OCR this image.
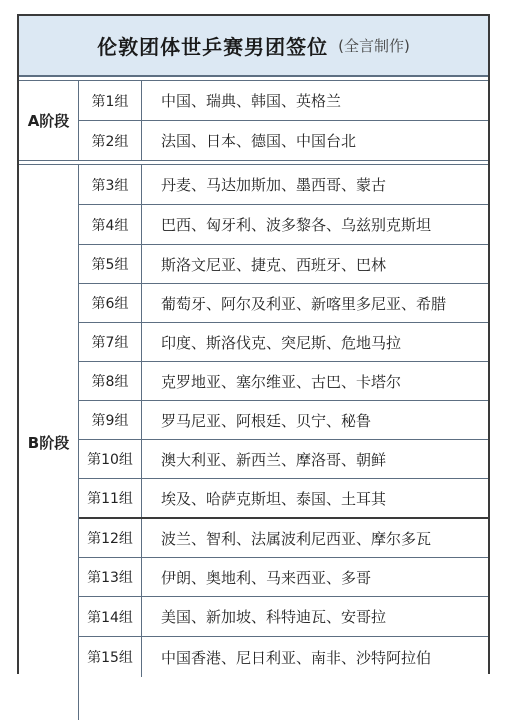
伦敦团体世乒赛男团签位 (全言制作)
A阶段
第1组	中国、瑞典、韩国、英格兰
第2组	法国、日本、德国、中国台北
B阶段
第3组	丹麦、马达加斯加、墨西哥、蒙古
第4组	巴西、匈牙利、波多黎各、乌兹别克斯坦
第5组	斯洛文尼亚、捷克、西班牙、巴林
第6组	葡萄牙、阿尔及利亚、新喀里多尼亚、希腊
第7组	印度、斯洛伐克、突尼斯、危地马拉
第8组	克罗地亚、塞尔维亚、古巴、卡塔尔
第9组	罗马尼亚、阿根廷、贝宁、秘鲁
第10组	澳大利亚、新西兰、摩洛哥、朝鲜
第11组	埃及、哈萨克斯坦、泰国、土耳其
第12组	波兰、智利、法属波利尼西亚、摩尔多瓦
第13组	伊朗、奥地利、马来西亚、多哥
第14组	美国、新加坡、科特迪瓦、安哥拉
第15组	中国香港、尼日利亚、南非、沙特阿拉伯
